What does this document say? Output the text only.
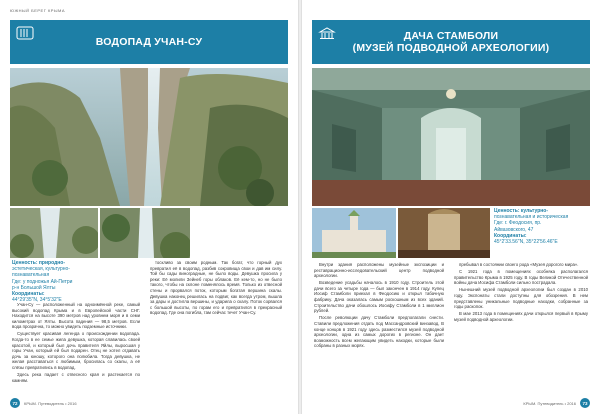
ЮЖНЫЙ БЕРЕГ КРЫМА
ВОДОПАД УЧАН-СУ
Ценность: природно-
эстетическая, культурно-
познавательная
Где: у подножья Ай-Петри
р-н Большой Ялты
Координаты:
44°29'35"N, 34°5'32"E

Учан-Су — расположенный на одноимённой реке, самый высокий водопад Крыма и в Европейской части СНГ. Находится на высоте 390 метров над уровнем моря и в семи километрах от Ялты. Высота падения — 98,5 метров. Если вода прозрачна, то можно увидеть подземные источники.

Существует красивая легенда о происхождении водопада. Когда-то в ее семье жила девушка, которая славилась своей красотой, и который был дочь правителя Яйлы, выросшая у горы Учан, который ей был подарен. Отец не хотел отдавать дочь за юношу, которого она полюбила. Тогда девушка, не желая расставаться с любимым, бросилась со скалы, а её слёзы превратились в водопад.

Здесь река падает с отвесного края и растекается по камням.

тоскливо за своим родным. Так богат, что горный дух превратил её в водопад, разбив сокровища свои и дав им силу. Той бы сады виноградные, не было воды. Девушка просила у реки: Её молили Зейнеб горы облаков. Её кем-то, но не было такого, чтобы на склоне поменялось время. Только из отвесной стены и прорвался поток, которым богатая вершина скалы. Девушка наконец решилась на подвиг, как всегда утром, вышла за дары и достигла вершины, и ударила о скалу. Поток сорвался с большой высоты, по горам его и превратился в прекрасный водопад. Где она погибла, там сейчас течет Учан-Су.

72	КРЫМ. Путеводитель • 2016
ДАЧА СТАМБОЛИ
(МУЗЕЙ ПОДВОДНОЙ АРХЕОЛОГИИ)
Ценность: культурно-
познавательная и историческая
Где: г. Феодосия, пр.
Айвазовского, 47
Координаты:
45°2'33.56"N, 35°22'56.46"E

Внутри здания расположены музейные экспозиции и реставрационно-исследовательский центр подводной археологии.

Возведение усадьбы началось в 1910 году. Строитель этой дачи всего за четыре года — был закончен в 1914 году. Купец Иосиф Стамболи приехал в Феодосию и открыл табачную фабрику. Дача оказалась самым роскошным из всех зданий. Строительство дачи обошлось Иосифу Стамболи в 1 миллион рублей.

После революции дачу Стамболи предполагали снести. Ставили предложения отдать под Массандровский винзавод. В конце концов в 1921 году здесь разместился музей подводной археологии, одна из самых дорогих в регионе. Он дает возможность всем желающим увидеть находки, которые были собраны в разных морях.

пребывал в состоянии своего рода «Музея дорогого мира».

С 1921 года в помещениях особняка располагался правительство Крыма в 1925 году. В годы Великой Отечественной войны дача Иосифа Стамболи сильно пострадала.

Нынешний музей подводной археологии был создан в 2010 году. Экспонаты стали доступны для обозрения. В нем представлены уникальные подводные находки, собранные за годы раскопок.

В мае 2013 года в помещениях дачи открылся первый в Крыму музей подводной археологии.

КРЫМ. Путеводитель • 2016	73
